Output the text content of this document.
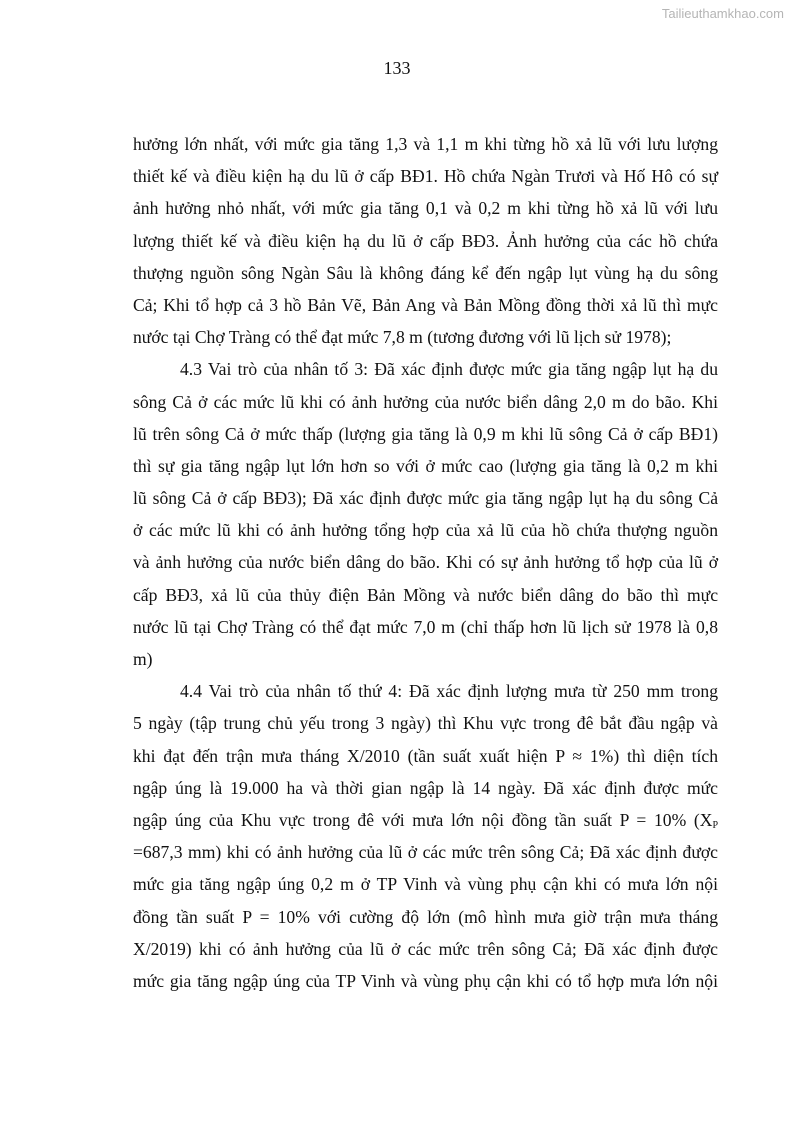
Tailieuthamkhao.com
133
hưởng lớn nhất, với mức gia tăng 1,3 và 1,1 m khi từng hồ xả lũ với lưu lượng
thiết kế và điều kiện hạ du lũ ở cấp BĐ1. Hồ chứa Ngàn Trươi và Hố Hô có sự
ảnh hưởng nhỏ nhất, với mức gia tăng 0,1 và 0,2 m khi từng hồ xả lũ với lưu
lượng thiết kế và điều kiện hạ du lũ ở cấp BĐ3. Ảnh hưởng của các hồ chứa
thượng nguồn sông Ngàn Sâu là không đáng kể đến ngập lụt vùng hạ du sông
Cả; Khi tổ hợp cả 3 hồ Bản Vẽ, Bản Ang và Bản Mồng đồng thời xả lũ thì mực
nước tại Chợ Tràng có thể đạt mức 7,8 m (tương đương với lũ lịch sử 1978);
4.3 Vai trò của nhân tố 3: Đã xác định được mức gia tăng ngập lụt hạ du
sông Cả ở các mức lũ khi có ảnh hưởng của nước biển dâng 2,0 m do bão. Khi
lũ trên sông Cả ở mức thấp (lượng gia tăng là 0,9 m khi lũ sông Cả ở cấp BĐ1)
thì sự gia tăng ngập lụt lớn hơn so với ở mức cao (lượng gia tăng là 0,2 m khi
lũ sông Cả ở cấp BĐ3); Đã xác định được mức gia tăng ngập lụt hạ du sông Cả
ở các mức lũ khi có ảnh hưởng tổng hợp của xả lũ của hồ chứa thượng nguồn
và ảnh hưởng của nước biển dâng do bão. Khi có sự ảnh hưởng tổ hợp của lũ ở
cấp BĐ3, xả lũ của thủy điện Bản Mồng và nước biển dâng do bão thì mực
nước lũ tại Chợ Tràng có thể đạt mức 7,0 m (chỉ thấp hơn lũ lịch sử 1978 là 0,8
m)
4.4 Vai trò của nhân tố thứ 4: Đã xác định lượng mưa từ 250 mm trong
5 ngày (tập trung chủ yếu trong 3 ngày) thì Khu vực trong đê bắt đầu ngập và
khi đạt đến trận mưa tháng X/2010 (tần suất xuất hiện P ≈ 1%) thì diện tích
ngập úng là 19.000 ha và thời gian ngập là 14 ngày. Đã xác định được mức
ngập úng của Khu vực trong đê với mưa lớn nội đồng tần suất P = 10% ($X_P$
=687,3 mm) khi có ảnh hưởng của lũ ở các mức trên sông Cả; Đã xác định được
mức gia tăng ngập úng 0,2 m ở TP Vinh và vùng phụ cận khi có mưa lớn nội
đồng tần suất P = 10% với cường độ lớn (mô hình mưa giờ trận mưa tháng
X/2019) khi có ảnh hưởng của lũ ở các mức trên sông Cả; Đã xác định được
mức gia tăng ngập úng của TP Vinh và vùng phụ cận khi có tổ hợp mưa lớn nội
